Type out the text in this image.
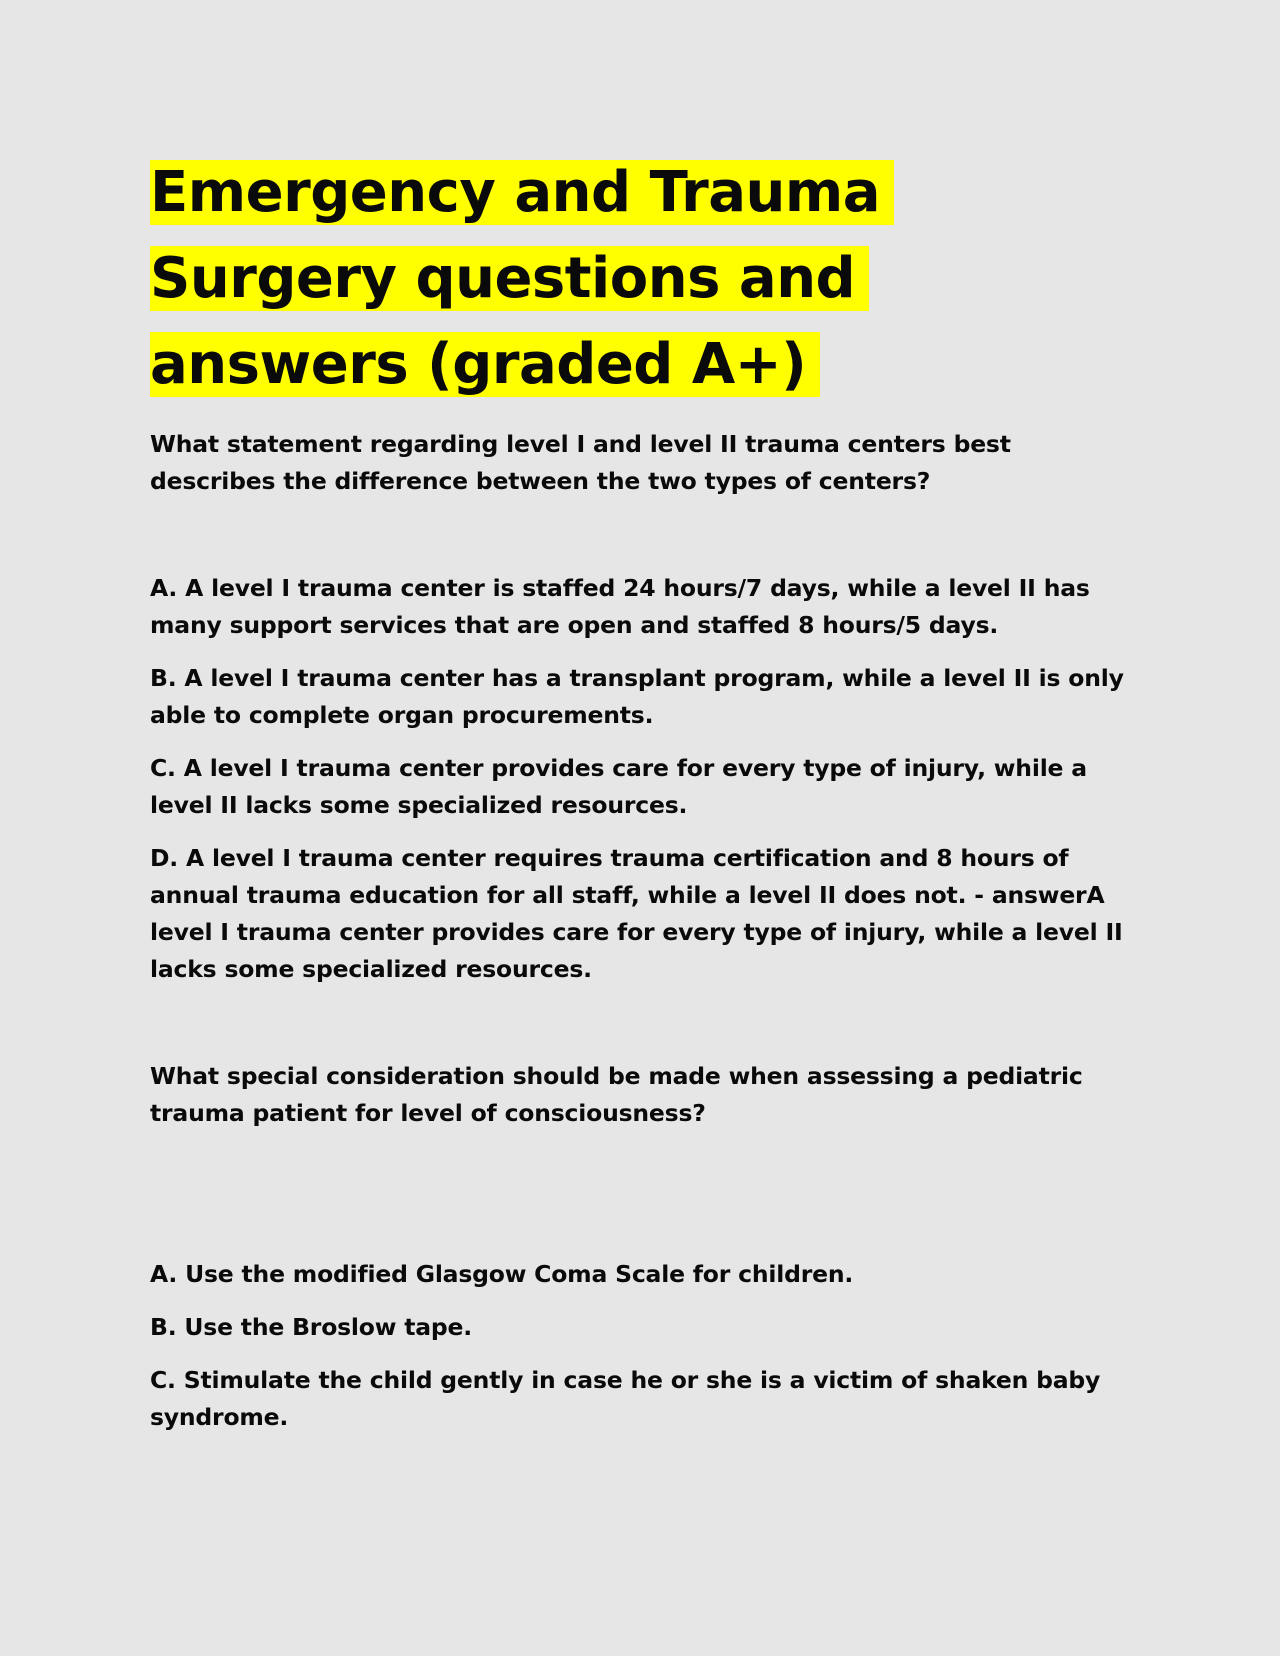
Emergency and Trauma Surgery questions and answers (graded A+)

What statement regarding level I and level II trauma centers best describes the difference between the two types of centers?

A. A level I trauma center is staffed 24 hours/7 days, while a level II has many support services that are open and staffed 8 hours/5 days.

B. A level I trauma center has a transplant program, while a level II is only able to complete organ procurements.

C. A level I trauma center provides care for every type of injury, while a level II lacks some specialized resources.

D. A level I trauma center requires trauma certification and 8 hours of annual trauma education for all staff, while a level II does not. - answerA level I trauma center provides care for every type of injury, while a level II lacks some specialized resources.

What special consideration should be made when assessing a pediatric trauma patient for level of consciousness?

A. Use the modified Glasgow Coma Scale for children.

B. Use the Broslow tape.

C. Stimulate the child gently in case he or she is a victim of shaken baby syndrome.
